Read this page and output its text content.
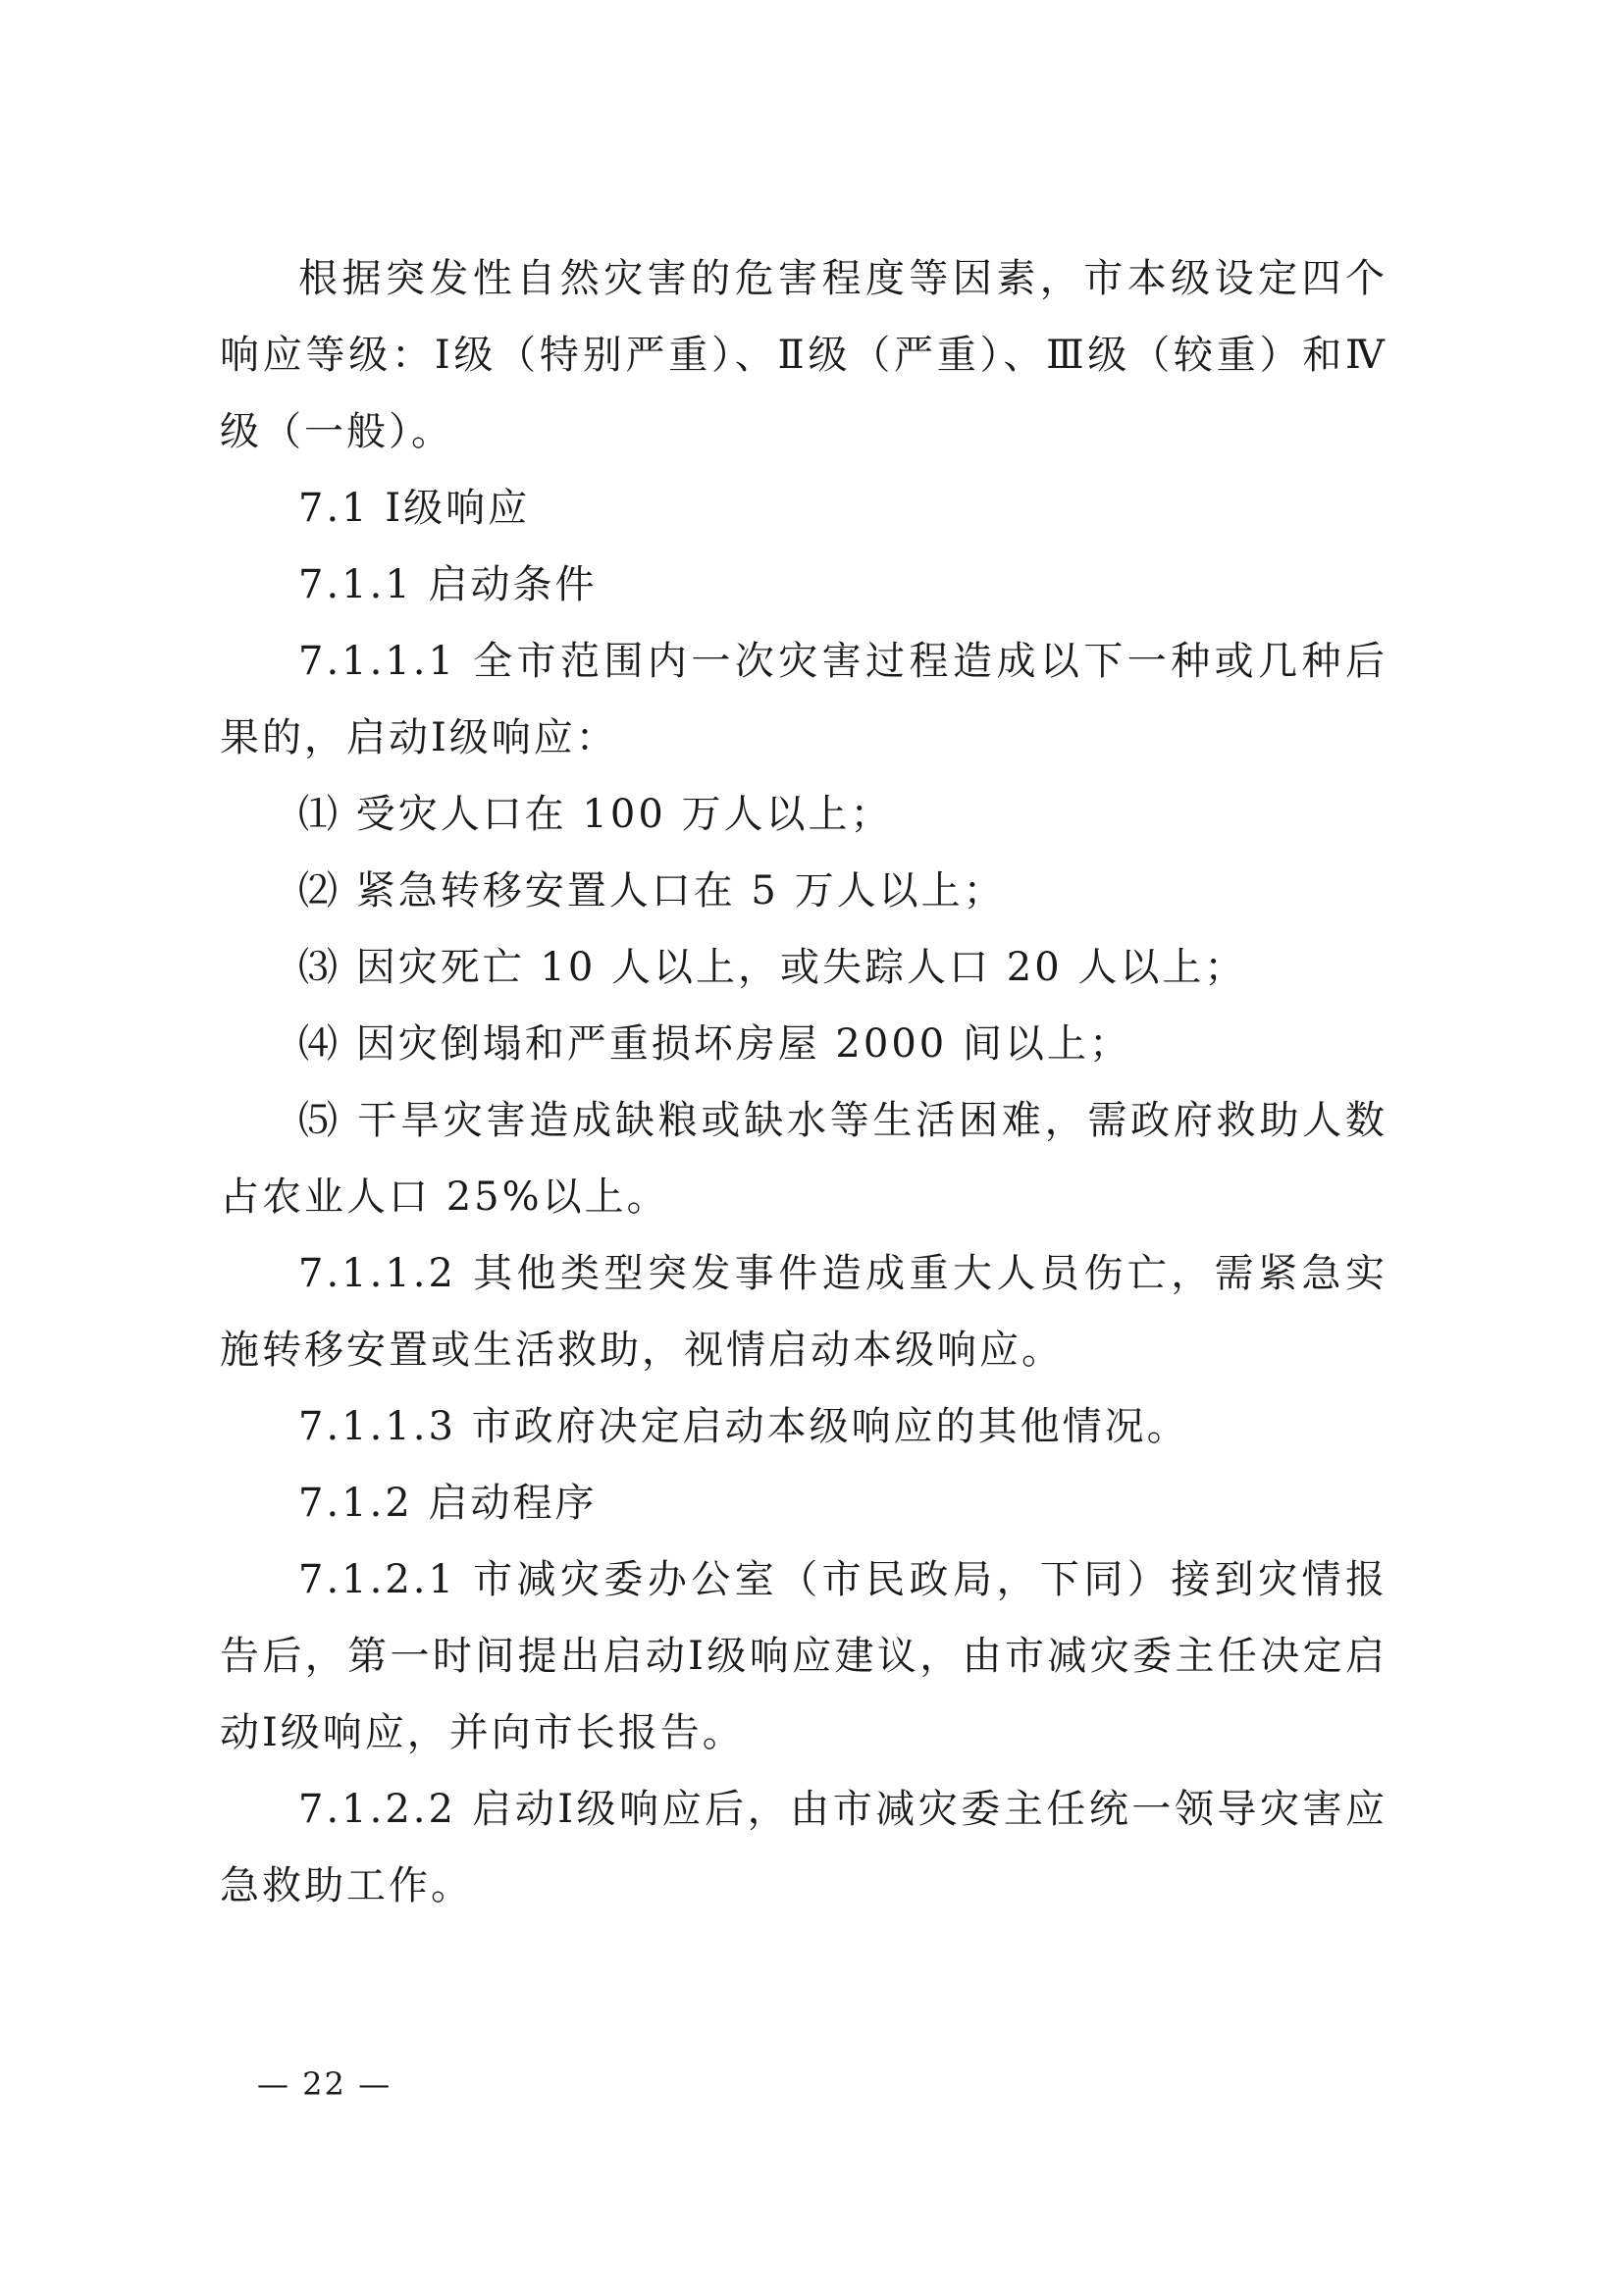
根据突发性自然灾害的危害程度等因素，市本级设定四个响应等级：Ⅰ级（特别严重）、Ⅱ级（严重）、Ⅲ级（较重）和Ⅳ级（一般）。

7.1 Ⅰ级响应

7.1.1 启动条件

7.1.1.1 全市范围内一次灾害过程造成以下一种或几种后果的，启动Ⅰ级响应：

⑴ 受灾人口在 100 万人以上；

⑵ 紧急转移安置人口在 5 万人以上；

⑶ 因灾死亡 10 人以上，或失踪人口 20 人以上；

⑷ 因灾倒塌和严重损坏房屋 2000 间以上；

⑸ 干旱灾害造成缺粮或缺水等生活困难，需政府救助人数占农业人口 25%以上。

7.1.1.2 其他类型突发事件造成重大人员伤亡，需紧急实施转移安置或生活救助，视情启动本级响应。

7.1.1.3 市政府决定启动本级响应的其他情况。

7.1.2 启动程序

7.1.2.1 市减灾委办公室（市民政局，下同）接到灾情报告后，第一时间提出启动Ⅰ级响应建议，由市减灾委主任决定启动Ⅰ级响应，并向市长报告。

7.1.2.2 启动Ⅰ级响应后，由市减灾委主任统一领导灾害应急救助工作。

— 22 —
